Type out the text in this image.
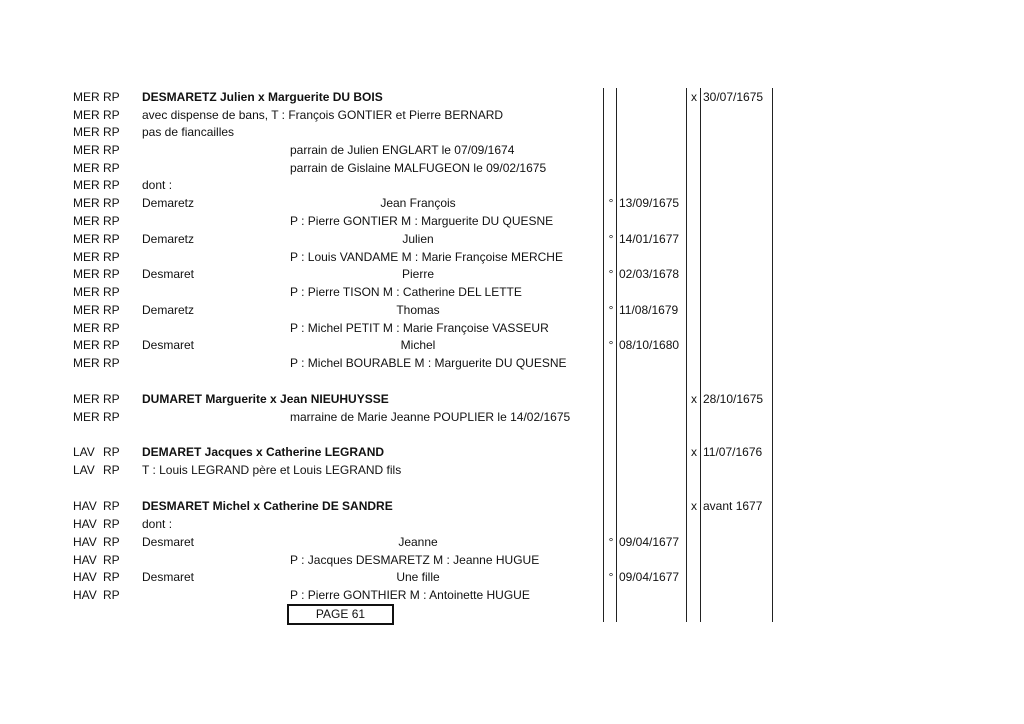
MER RP DESMARETZ Julien x Marguerite DU BOIS	x 30/07/1675
MER RP avec dispense de bans, T : François GONTIER et Pierre BERNARD
MER RP pas de fiancailles
MER RP	parrain de Julien ENGLART le 07/09/1674
MER RP	parrain de Gislaine MALFUGEON le 09/02/1675
MER RP dont :
MER RP Demaretz	Jean François	° 13/09/1675
MER RP	P : Pierre GONTIER M : Marguerite DU QUESNE
MER RP Demaretz	Julien	° 14/01/1677
MER RP	P : Louis VANDAME M : Marie Françoise MERCHE
MER RP Desmaret	Pierre	° 02/03/1678
MER RP	P : Pierre TISON M : Catherine DEL LETTE
MER RP Demaretz	Thomas	° 11/08/1679
MER RP	P : Michel PETIT M : Marie Françoise VASSEUR
MER RP Desmaret	Michel	° 08/10/1680
MER RP	P : Michel BOURABLE M : Marguerite DU QUESNE
MER RP DUMARET Marguerite x Jean NIEUHUYSSE	x 28/10/1675
MER RP	marraine de Marie Jeanne POUPLIER le 14/02/1675
LAV RP DEMARET Jacques x Catherine LEGRAND	x 11/07/1676
LAV RP T : Louis LEGRAND père et Louis LEGRAND fils
HAV RP DESMARET Michel x Catherine DE SANDRE	x avant 1677
HAV RP dont :
HAV RP Desmaret	Jeanne	° 09/04/1677
HAV RP	P : Jacques DESMARETZ M : Jeanne HUGUE
HAV RP Desmaret	Une fille	° 09/04/1677
HAV RP	P : Pierre GONTHIER M : Antoinette HUGUE
PAGE 61
